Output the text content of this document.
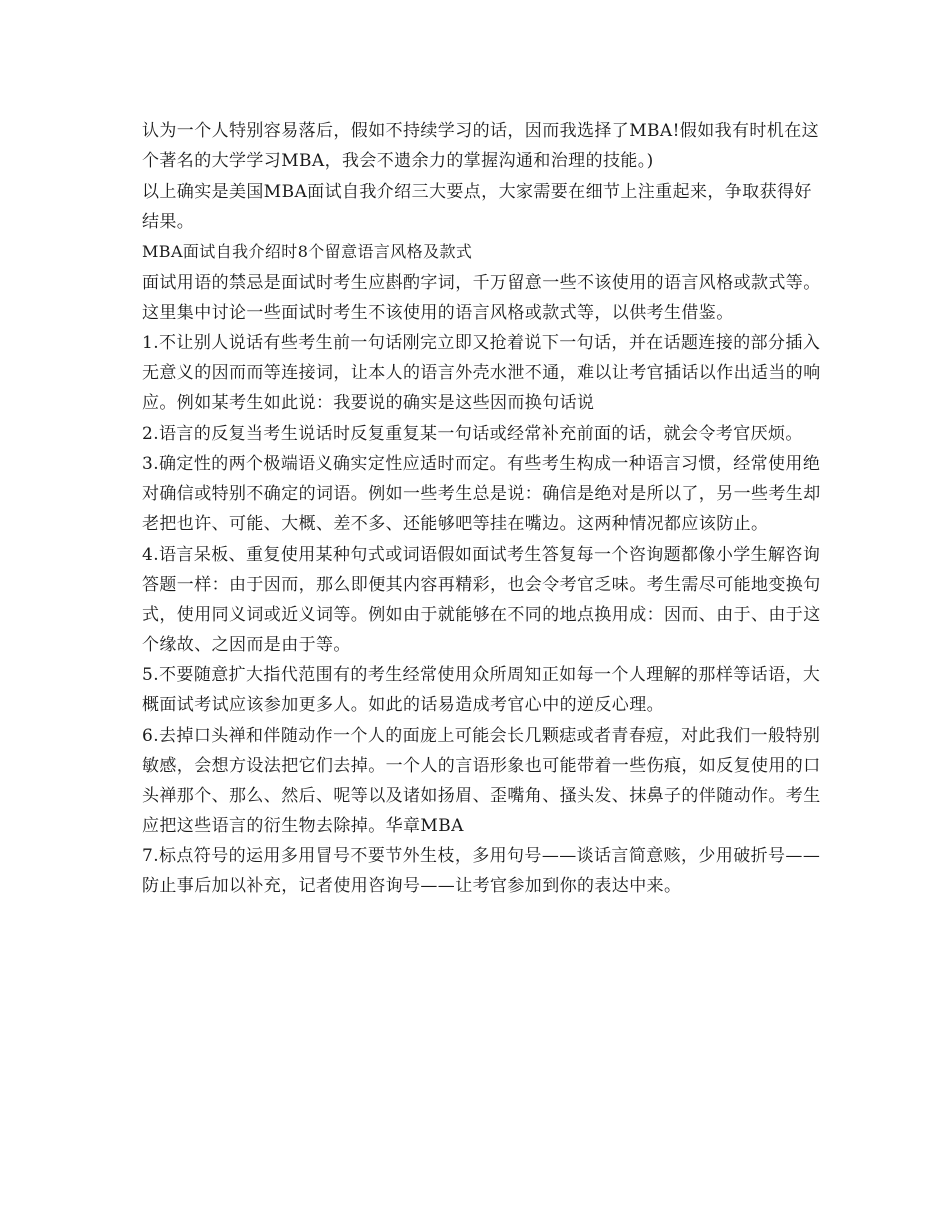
认为一个人特别容易落后，假如不持续学习的话，因而我选择了MBA!假如我有时机在这个著名的大学学习MBA，我会不遗余力的掌握沟通和治理的技能。)

以上确实是美国MBA面试自我介绍三大要点，大家需要在细节上注重起来，争取获得好结果。

MBA面试自我介绍时8个留意语言风格及款式

面试用语的禁忌是面试时考生应斟酌字词，千万留意一些不该使用的语言风格或款式等。这里集中讨论一些面试时考生不该使用的语言风格或款式等，以供考生借鉴。

1.不让别人说话有些考生前一句话刚完立即又抢着说下一句话，并在话题连接的部分插入无意义的因而而等连接词，让本人的语言外壳水泄不通，难以让考官插话以作出适当的响应。例如某考生如此说：我要说的确实是这些因而换句话说

2.语言的反复当考生说话时反复重复某一句话或经常补充前面的话，就会令考官厌烦。

3.确定性的两个极端语义确实定性应适时而定。有些考生构成一种语言习惯，经常使用绝对确信或特别不确定的词语。例如一些考生总是说：确信是绝对是所以了，另一些考生却老把也许、可能、大概、差不多、还能够吧等挂在嘴边。这两种情况都应该防止。

4.语言呆板、重复使用某种句式或词语假如面试考生答复每一个咨询题都像小学生解咨询答题一样：由于因而，那么即便其内容再精彩，也会令考官乏味。考生需尽可能地变换句式，使用同义词或近义词等。例如由于就能够在不同的地点换用成：因而、由于、由于这个缘故、之因而是由于等。

5.不要随意扩大指代范围有的考生经常使用众所周知正如每一个人理解的那样等话语，大概面试考试应该参加更多人。如此的话易造成考官心中的逆反心理。

6.去掉口头禅和伴随动作一个人的面庞上可能会长几颗痣或者青春痘，对此我们一般特别敏感，会想方设法把它们去掉。一个人的言语形象也可能带着一些伤痕，如反复使用的口头禅那个、那么、然后、呢等以及诸如扬眉、歪嘴角、搔头发、抹鼻子的伴随动作。考生应把这些语言的衍生物去除掉。华章MBA

7.标点符号的运用多用冒号不要节外生枝，多用句号——谈话言简意赅，少用破折号——防止事后加以补充，记者使用咨询号——让考官参加到你的表达中来。
